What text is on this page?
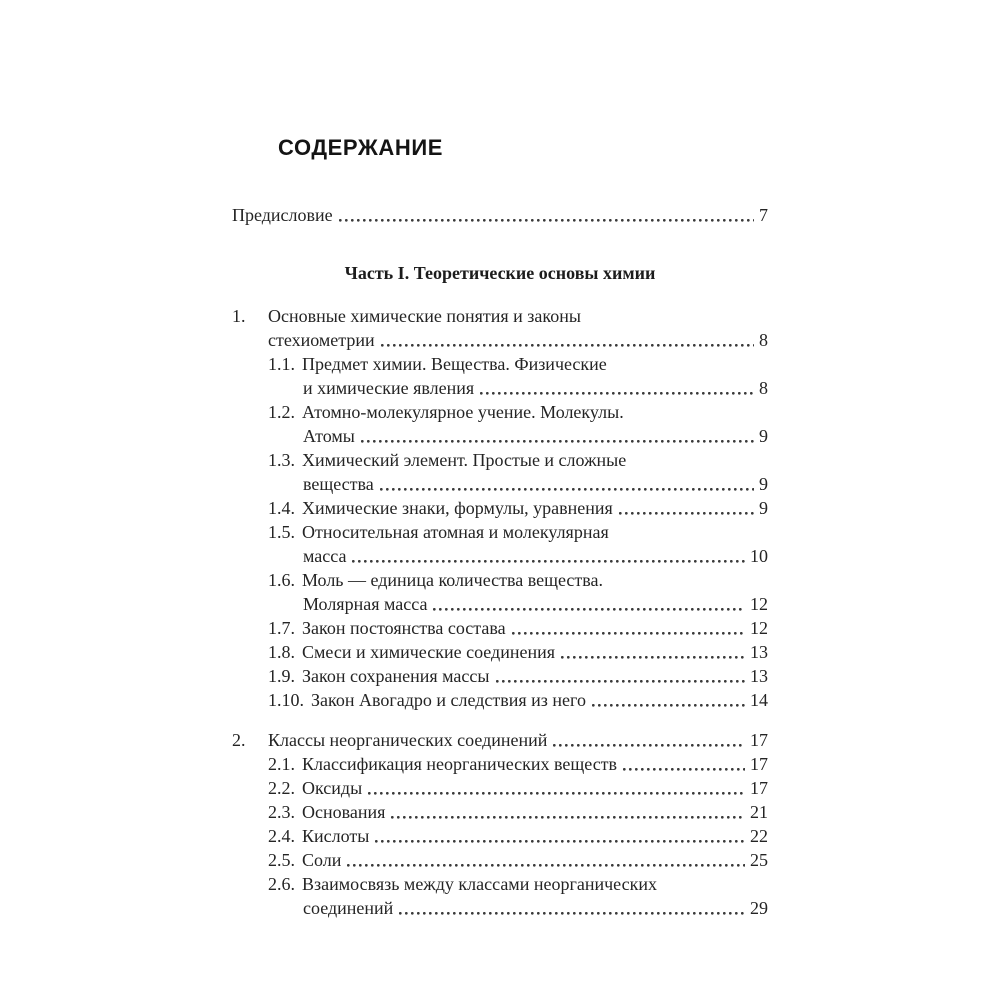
СОДЕРЖАНИЕ
Предисловие	7
Часть I. Теоретические основы химии
1.	Основные химические понятия и законы
стехиометрии	8
1.1. Предмет химии. Вещества. Физические
и химические явления	8
1.2. Атомно-молекулярное учение. Молекулы.
Атомы	9
1.3. Химический элемент. Простые и сложные
вещества	9
1.4. Химические знаки, формулы, уравнения	9
1.5. Относительная атомная и молекулярная
масса	10
1.6. Моль — единица количества вещества.
Молярная масса	12
1.7. Закон постоянства состава	12
1.8. Смеси и химические соединения	13
1.9. Закон сохранения массы	13
1.10. Закон Авогадро и следствия из него	14
2.	Классы неорганических соединений	17
2.1. Классификация неорганических веществ	17
2.2. Оксиды	17
2.3. Основания	21
2.4. Кислоты	22
2.5. Соли	25
2.6. Взаимосвязь между классами неорганических
соединений	29
